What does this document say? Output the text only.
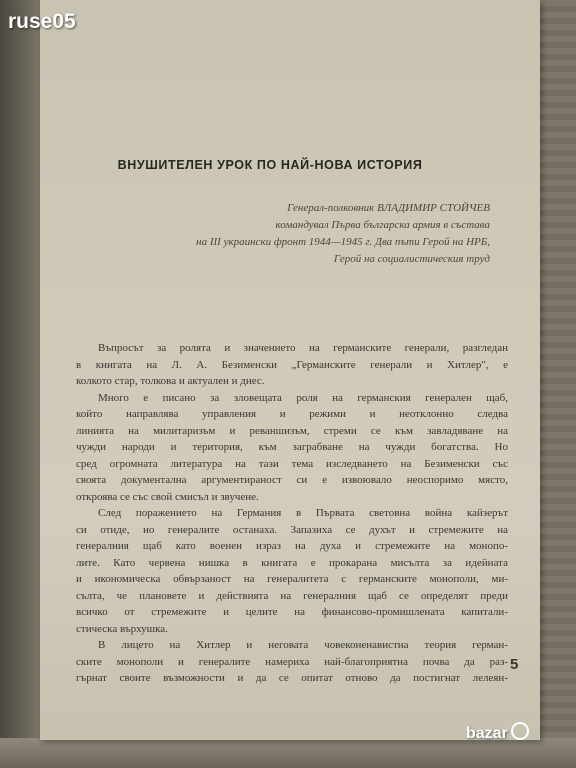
ruse05
ВНУШИТЕЛЕН УРОК ПО НАЙ-НОВА ИСТОРИЯ
Генерал-полковник ВЛАДИМИР СТОЙЧЕВ
командувал Първа българска армия в състава
на III украински фронт 1944—1945 г. Два пъти Герой на НРБ,
Герой на социалистическия труд
Въпросът за ролята и значението на германските генерали, разгледан
в книгата на Л. А. Безименски „Германските генерали и Хитлер", е
колкото стар, толкова и актуален и днес.
Много е писано за зловещата роля на германския генерален щаб,
който направлява управления и режими и неотклонно следва
линията на милитаризъм и реваншизъм, стреми се към завладяване на
чужди народи и територия, към заграбване на чужди богатства. Но
сред огромната литература на тази тема изследването на Безименски със
своята документална аргументираност си е извоювало неоспоримо място,
откроява се със свой смисъл и звучене.
След поражението на Германия в Първата световна война кайзерът
си отиде, но генералите останаха. Запазиха се духът и стремежите на
генералния щаб като военен израз на духа и стремежите на монопо-
лите. Като червена нишка в книгата е прокарана мисълта за идейната
и икономическа обвързаност на генералитета с германските монополи, ми-
сълта, че плановете и действията на генералния щаб се определят преди
всичко от стремежите и целите на финансово-промишлената капитали-
стическа върхушка.
В лицето на Хитлер и неговата човеконенавистна теория герман-
ските монополи и генералите намериха най-благоприятна почва да раз-
гърнат своите възможности и да се опитат отново да постигнат лелеян-
5
bazar
